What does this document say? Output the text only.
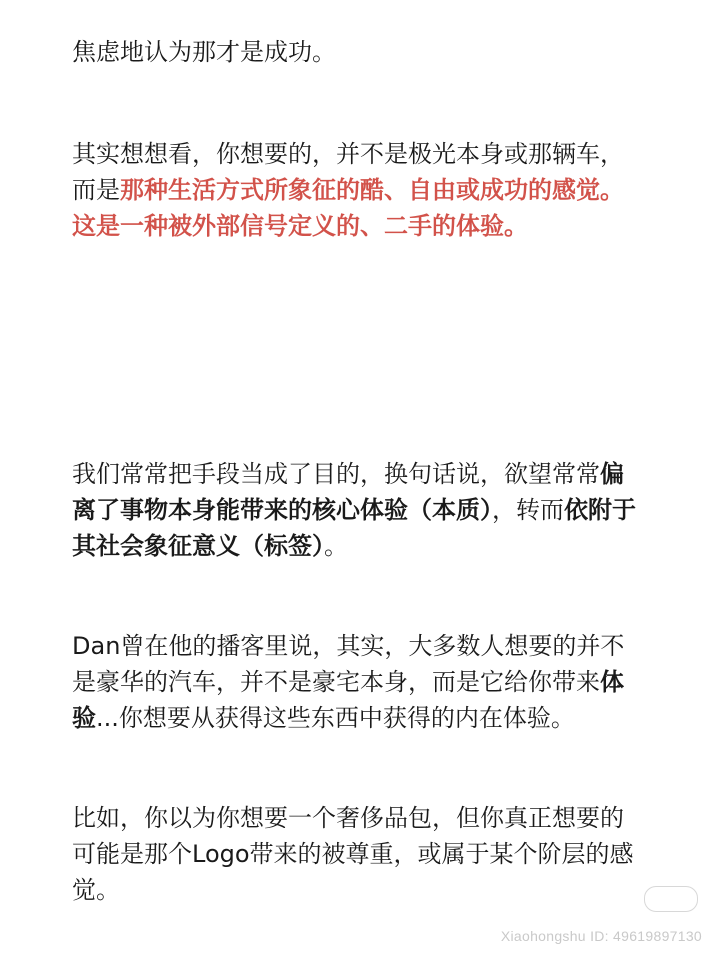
焦虑地认为那才是成功。

其实想想看，你想要的，并不是极光本身或那辆车，
而是那种生活方式所象征的酷、自由或成功的感觉。
这是一种被外部信号定义的、二手的体验。

我们常常把手段当成了目的，换句话说，欲望常常偏
离了事物本身能带来的核心体验（本质），转而依附于
其社会象征意义（标签）。

Dan曾在他的播客里说，其实，大多数人想要的并不
是豪华的汽车，并不是豪宅本身，而是它给你带来体
验...你想要从获得这些东西中获得的内在体验。

比如，你以为你想要一个奢侈品包，但你真正想要的
可能是那个Logo带来的被尊重，或属于某个阶层的感
觉。

Xiaohongshu ID: 49619897130
